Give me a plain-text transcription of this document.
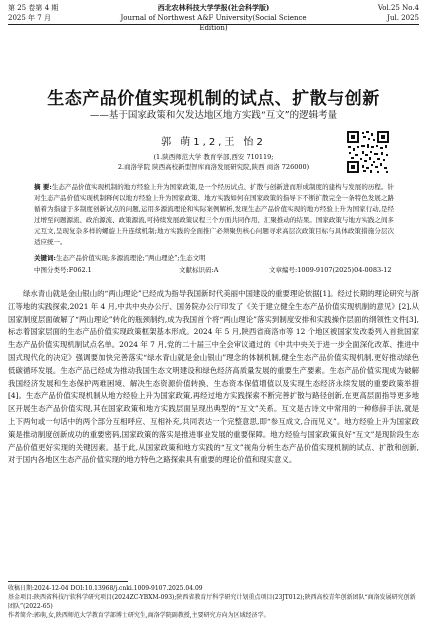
第 25 卷第 4 期
2025 年 7 月
西北农林科技大学学报(社会科学版)
Journal of Northwest A&F University(Social Science Edition)
Vol.25 No.4
Jul. 2025
生态产品价值实现机制的试点、扩散与创新
——基于国家政策和欠发达地区地方实践“互文”的逻辑考量
郭 萌1,2,王 怡2
(1.陕西师范大学 教育学部,西安 710119;
2.商洛学院 陕西高校新型智库商洛发展研究院,陕西 商洛 726000)
摘 要:生态产品价值实现机制的地方经验上升为国家政策,是一个经历试点、扩散与创新进而形成制度的建构与发展的历程。针对生态产品价值实现机制释何以地方经验上升为国家政策、地方实践如何在国家政策的指导下不断扩散完全一条特色发展之路循着为指建于多制度创新试点的问题,运用多源流理论和实际案例解析,发现生态产品价值实现的地方经验上升为国家行动,是经过增至问题源流、政治源流、政策源流,可持续发展政策议程三个方面共同作用、汇聚推动的结果。国家政策与地方实践之间多元互文,呈现复杂多样的螺旋上升连续机制;地方实践的全面推广必须聚焦核心问题寻求高层次政策目标与具体政策措施分层次适应统一。
关键词:生态产品价值实现;多源流理论;“两山理论”;生态文明
中图分类号:F062.1	文献标识码:A	文章编号:1009-9107(2025)04-0083-12
绿水青山就是金山银山的“两山理论”已经成为指导我国新时代美丽中国建设的重要理论依据[1]。经过长期的理论研究与浙江等地的实践探索,2021 年 4 月,中共中央办公厅、国务院办公厅印发了《关于建立健全生态产品价值实现机制的意见》[2],从国家制度层面破解了“两山理论”转化的瓶颈制约,成为我国首个将“两山理论”落实到制度安排和实践操作层面的纲领性文件[3],标志着国家层面的生态产品价值实现政策框架基本形成。2024 年 5 月,陕西省商洛市等 12 个地区被国家发改委列入首批国家生态产品价值实现机制试点名单。2024 年 7 月,党的二十届三中全会审议通过的《中共中央关于进一步全面深化改革、推进中国式现代化的决定》强调要加快完善落实“绿水青山就是金山银山”理念的体制机制,健全生态产品价值实现机制,更好推动绿色低碳循环发展。生态产品已经成为推动我国生态文明建设和绿色经济高质量发展的重要生产要素。生态产品价值实现成为破解我国经济发展和生态保护两难困境、解决生态资源价值转换、生态资本保值增值以及实现生态经济永续发展的重要政策举措[4]。生态产品价值实现机制从地方经验上升为国家政策,再经过地方实践探索不断完善扩散与路径创新,在更高层面指导更多地区开展生态产品价值实现,其在国家政策和地方实践层面呈现出典型的“互文”关系。互文是古诗文中常用的一种修辞手法,就是上下两句或一句话中的两个部分互相呼应、互相补充,共同表达一个完整意思,即“参互成文,合而见义”。地方经验上升为国家政策是推动制度创新成功的重要密码,国家政策的落实是推进事业发展的重要保障。地方经验与国家政策良好“互文”是现阶段生态产品价值更好实现的关键因素。基于此,从国家政策和地方实践的“互文”视角分析生态产品价值实现机制的试点、扩散和创新,对于国内各地区生态产品价值实现的地方特色之路探索具有重要的理论价值和现实意义。
收稿日期:2024-12-04 DOI:10.13968/j.cnki.1009-9107.2025.04.09
基金项目:陕西省科技厅软科学研究项目(2024ZC-YBXM-093);陕西省教育厅科学研究计划重点项目(23JT012);陕西高校青年创新团队“商洛发展研究创新团队”(2022-65)
作者简介:郭萌,女,陕西师范大学教育学部博士研究生,商洛学院副教授,主要研究方向为区域经济学。
